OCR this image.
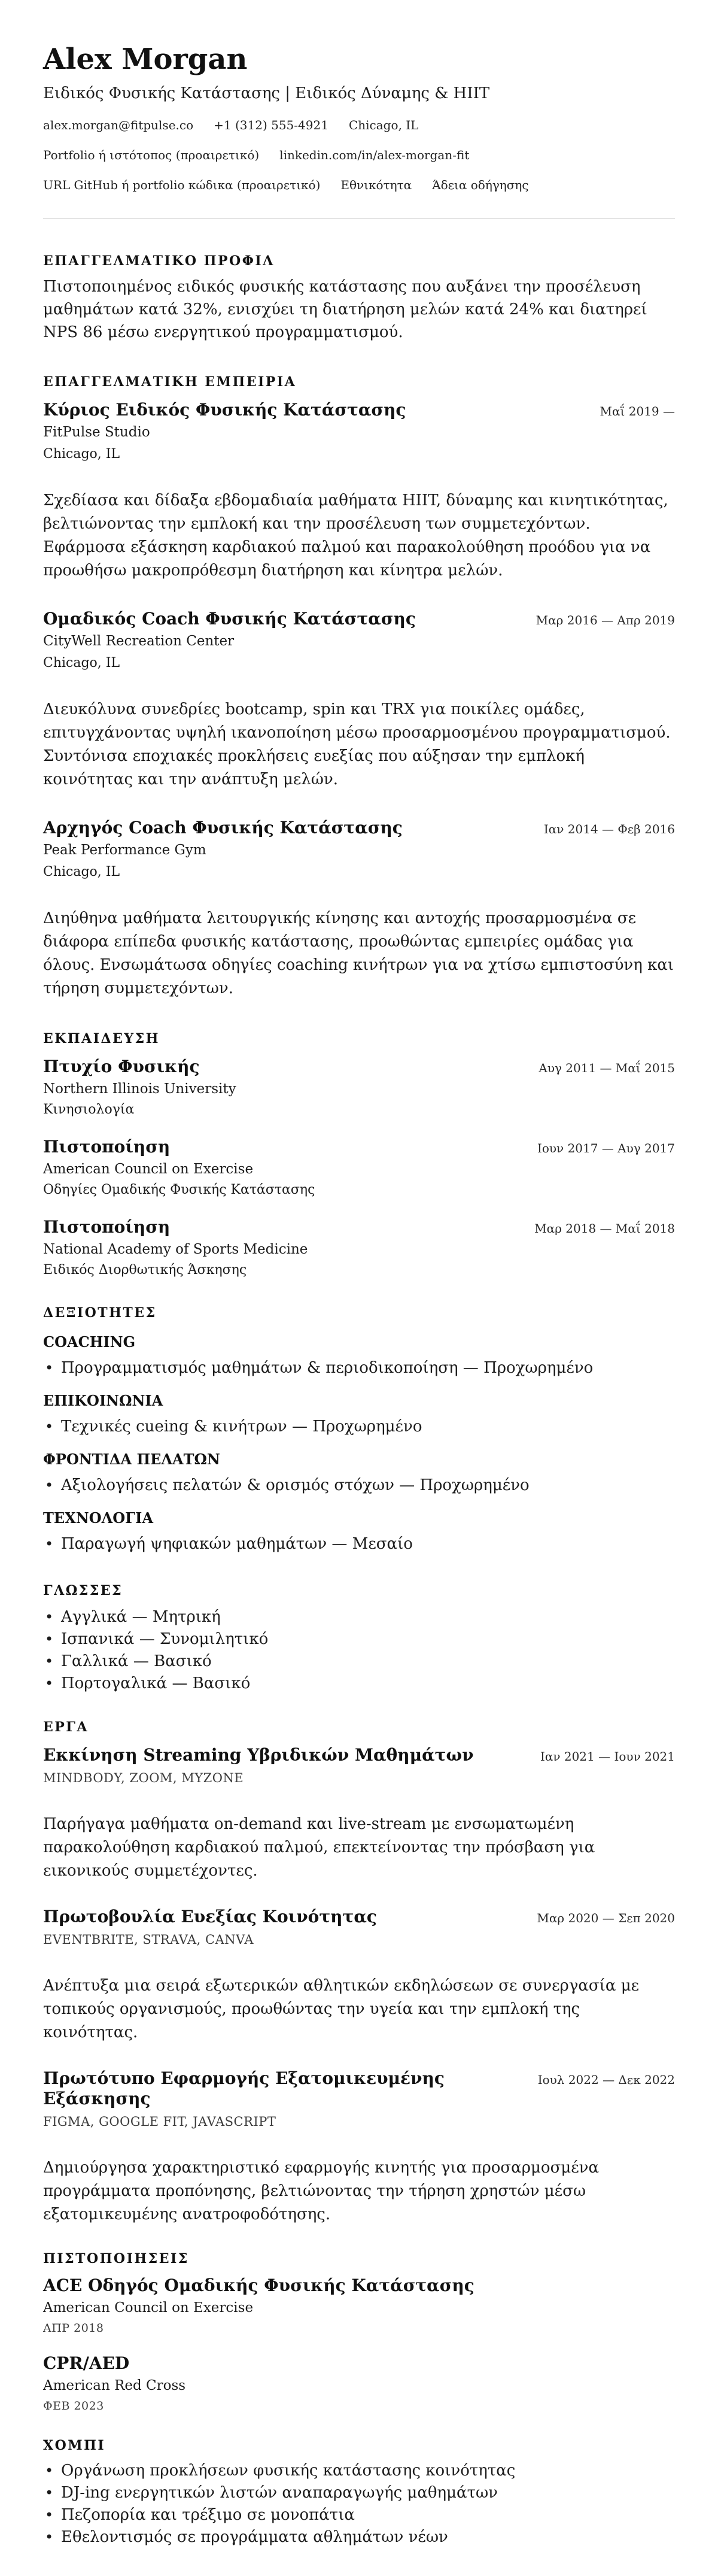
Alex Morgan
Ειδικός Φυσικής Κατάστασης | Ειδικός Δύναμης & HIIT
alex.morgan@fitpulse.co +1 (312) 555-4921 Chicago, IL
Portfolio ή ιστότοπος (προαιρετικό) linkedin.com/in/alex-morgan-fit
URL GitHub ή portfolio κώδικα (προαιρετικό) Εθνικότητα Άδεια οδήγησης
ΕΠΑΓΓΕΛΜΑΤΙΚΟ ΠΡΟΦΙΛ

Πιστοποιημένος ειδικός φυσικής κατάστασης που αυξάνει την προσέλευση μαθημάτων κατά 32%, ενισχύει τη διατήρηση μελών κατά 24% και διατηρεί NPS 86 μέσω ενεργητικού προγραμματισμού.

ΕΠΑΓΓΕΛΜΑΤΙΚΗ ΕΜΠΕΙΡΙΑ
Κύριος Ειδικός Φυσικής Κατάστασης	Μαΐ 2019 —
FitPulse Studio
Chicago, IL

Σχεδίασα και δίδαξα εβδομαδιαία μαθήματα HIIT, δύναμης και κινητικότητας, βελτιώνοντας την εμπλοκή και την προσέλευση των συμμετεχόντων. Εφάρμοσα εξάσκηση καρδιακού παλμού και παρακολούθηση προόδου για να προωθήσω μακροπρόθεσμη διατήρηση και κίνητρα μελών.

Ομαδικός Coach Φυσικής Κατάστασης	Μαρ 2016 — Απρ 2019
CityWell Recreation Center
Chicago, IL

Διευκόλυνα συνεδρίες bootcamp, spin και TRX για ποικίλες ομάδες, επιτυγχάνοντας υψηλή ικανοποίηση μέσω προσαρμοσμένου προγραμματισμού. Συντόνισα εποχιακές προκλήσεις ευεξίας που αύξησαν την εμπλοκή κοινότητας και την ανάπτυξη μελών.

Αρχηγός Coach Φυσικής Κατάστασης	Ιαν 2014 — Φεβ 2016
Peak Performance Gym
Chicago, IL

Διηύθηνα μαθήματα λειτουργικής κίνησης και αντοχής προσαρμοσμένα σε διάφορα επίπεδα φυσικής κατάστασης, προωθώντας εμπειρίες ομάδας για όλους. Ενσωμάτωσα οδηγίες coaching κινήτρων για να χτίσω εμπιστοσύνη και τήρηση συμμετεχόντων.

ΕΚΠΑΙΔΕΥΣΗ
Πτυχίο Φυσικής	Αυγ 2011 — Μαΐ 2015
Northern Illinois University
Κινησιολογία
Πιστοποίηση	Ιουν 2017 — Αυγ 2017
American Council on Exercise
Οδηγίες Ομαδικής Φυσικής Κατάστασης
Πιστοποίηση	Μαρ 2018 — Μαΐ 2018
National Academy of Sports Medicine
Ειδικός Διορθωτικής Άσκησης
ΔΕΞΙΟΤΗΤΕΣ
COACHING
• Προγραμματισμός μαθημάτων & περιοδικοποίηση — Προχωρημένο
ΕΠΙΚΟΙΝΩΝΙΑ
• Τεχνικές cueing & κινήτρων — Προχωρημένο
ΦΡΟΝΤΙΔΑ ΠΕΛΑΤΩΝ
• Αξιολογήσεις πελατών & ορισμός στόχων — Προχωρημένο
ΤΕΧΝΟΛΟΓΙΑ
• Παραγωγή ψηφιακών μαθημάτων — Μεσαίο
ΓΛΩΣΣΕΣ
• Αγγλικά — Μητρική
• Ισπανικά — Συνομιλητικό
• Γαλλικά — Βασικό
• Πορτογαλικά — Βασικό
ΕΡΓΑ
Εκκίνηση Streaming Υβριδικών Μαθημάτων	Ιαν 2021 — Ιουν 2021
MINDBODY, ZOOM, MYZONE

Παρήγαγα μαθήματα on-demand και live-stream με ενσωματωμένη παρακολούθηση καρδιακού παλμού, επεκτείνοντας την πρόσβαση για εικονικούς συμμετέχοντες.

Πρωτοβουλία Ευεξίας Κοινότητας	Μαρ 2020 — Σεπ 2020
EVENTBRITE, STRAVA, CANVA

Ανέπτυξα μια σειρά εξωτερικών αθλητικών εκδηλώσεων σε συνεργασία με τοπικούς οργανισμούς, προωθώντας την υγεία και την εμπλοκή της κοινότητας.

Πρωτότυπο Εφαρμογής Εξατομικευμένης Εξάσκησης
Ιουλ 2022 — Δεκ 2022
FIGMA, GOOGLE FIT, JAVASCRIPT

Δημιούργησα χαρακτηριστικό εφαρμογής κινητής για προσαρμοσμένα προγράμματα προπόνησης, βελτιώνοντας την τήρηση χρηστών μέσω εξατομικευμένης ανατροφοδότησης.

ΠΙΣΤΟΠΟΙΗΣΕΙΣ
ACE Οδηγός Ομαδικής Φυσικής Κατάστασης
American Council on Exercise
ΑΠΡ 2018
CPR/AED
American Red Cross
ΦΕΒ 2023
ΧΟΜΠΙ
• Οργάνωση προκλήσεων φυσικής κατάστασης κοινότητας
• DJ-ing ενεργητικών λιστών αναπαραγωγής μαθημάτων
• Πεζοπορία και τρέξιμο σε μονοπάτια
• Εθελοντισμός σε προγράμματα αθλημάτων νέων
